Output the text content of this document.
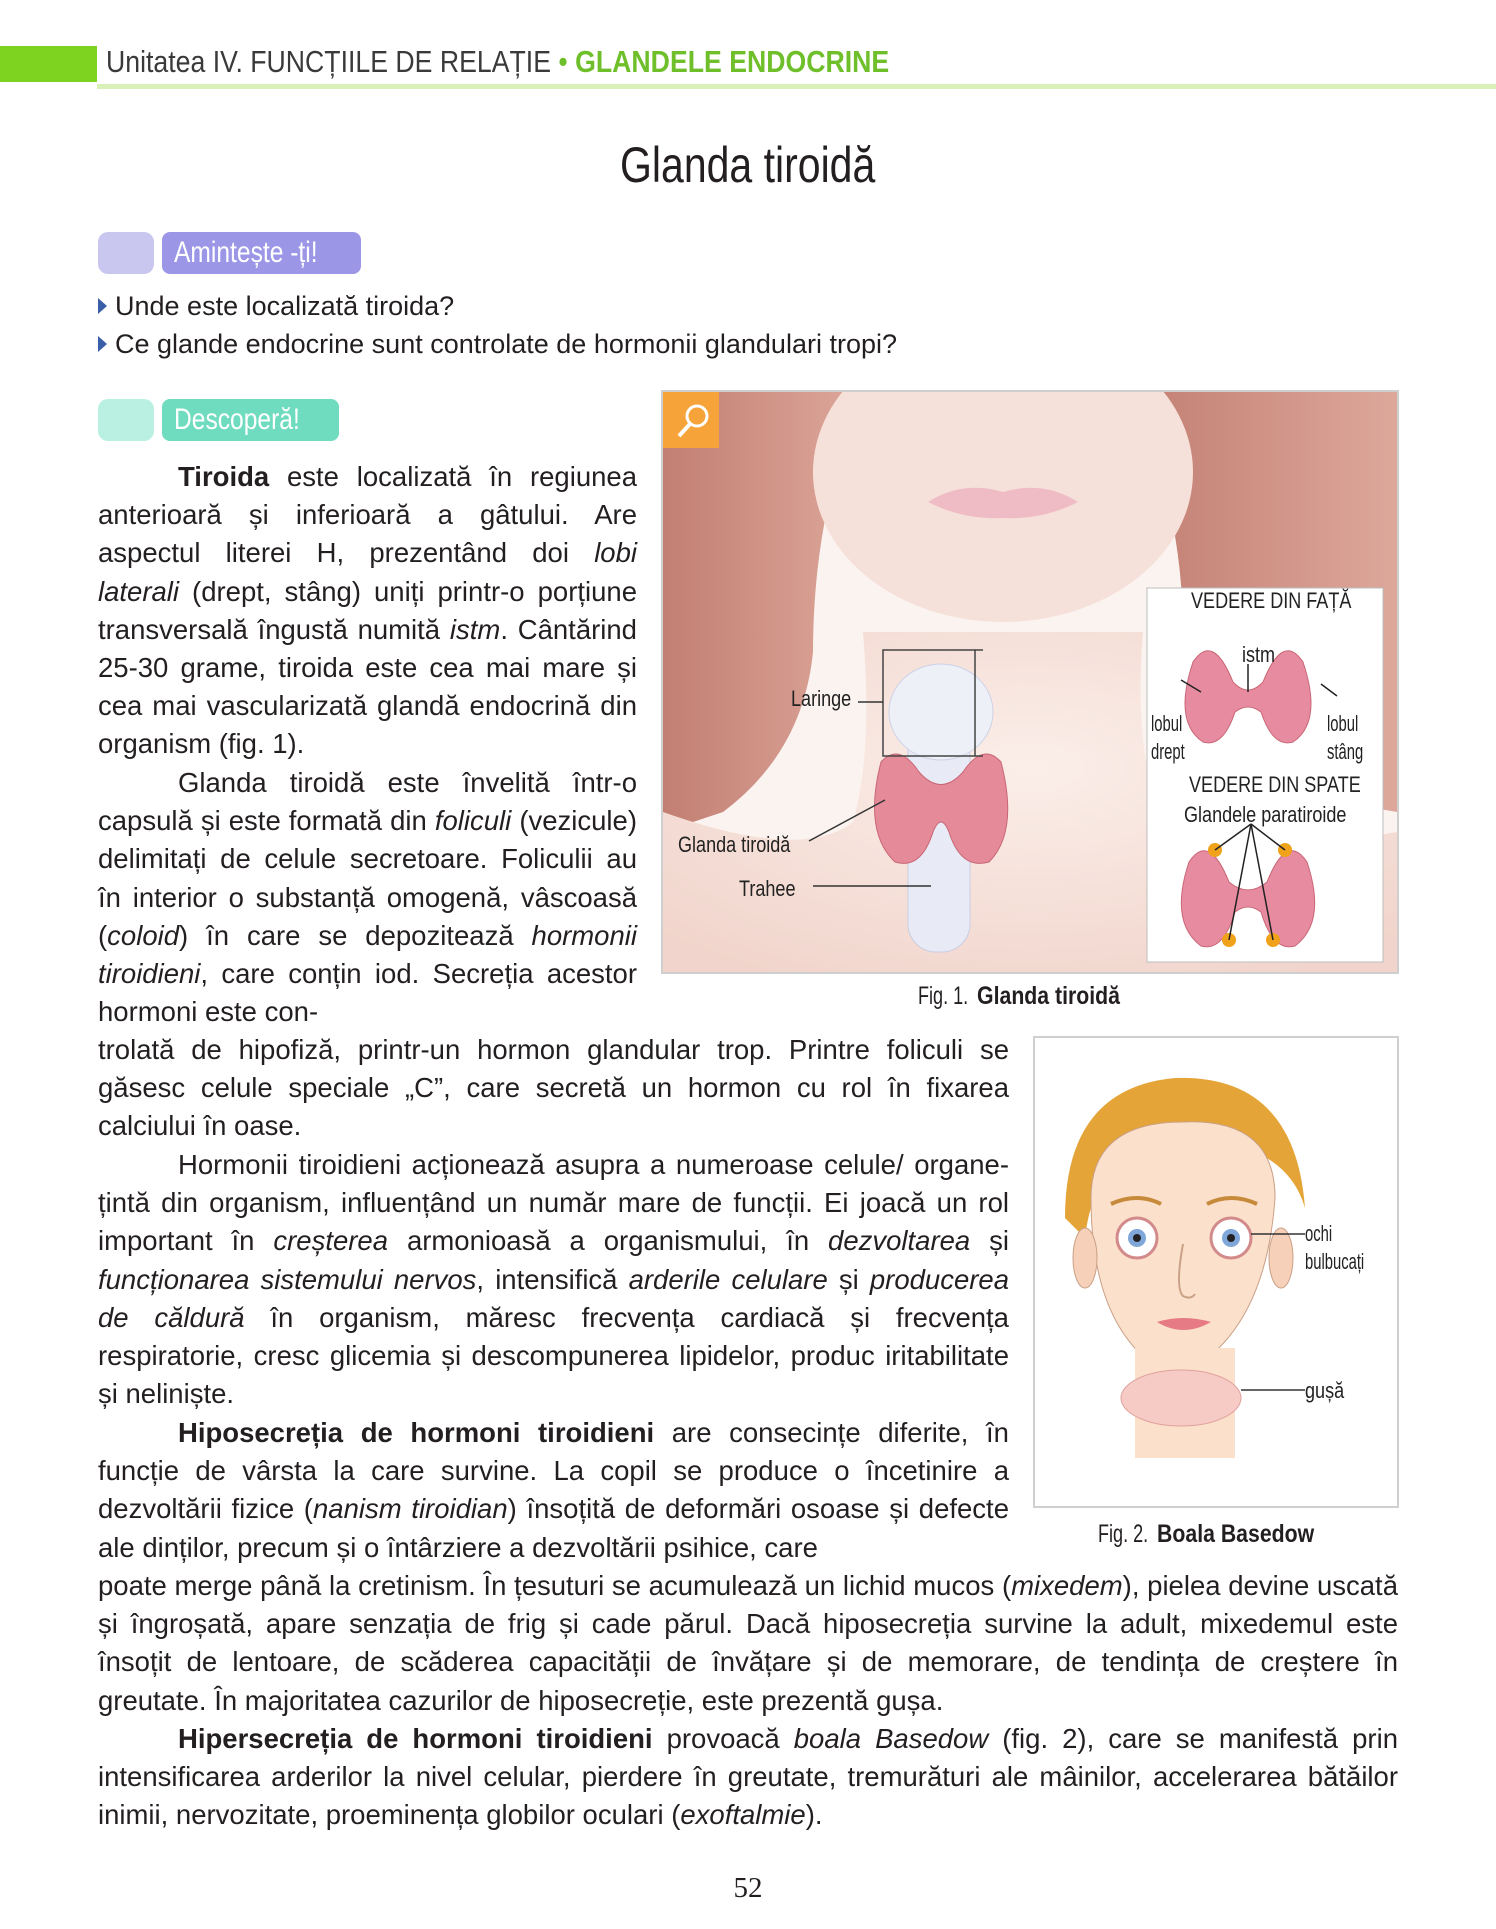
Unitatea IV. FUNCȚIILE DE RELAȚIE • GLANDELE ENDOCRINE
Glanda tiroidă
Amintește -ți!
Unde este localizată tiroida?
Ce glande endocrine sunt controlate de hormonii glandulari tropi?
Descoperă!
Tiroida este localizată în regiunea anterioară și inferioară a gâtului. Are aspectul literei H, prezentând doi lobi laterali (drept, stâng) uniți printr-o porțiune transversală îngustă numită istm. Cântărind 25-30 grame, tiroida este cea mai mare și cea mai vascularizată glandă endocrină din organism (fig. 1).
Glanda tiroidă este învelită într-o capsulă și este formată din foliculi (vezicule) delimitați de celule secretoare. Foliculii au în interior o substanță omogenă, vâscoasă (coloid) în care se depozitează hormonii tiroidieni, care conțin iod. Secreția acestor hormoni este con-
trolată de hipofiză, printr-un hormon glandular trop. Printre foliculi se găsesc celule speciale „C”, care secretă un hormon cu rol în fixarea calciului în oase.
Hormonii tiroidieni acționează asupra a numeroase celule/ organe-țintă din organism, influențând un număr mare de funcții. Ei joacă un rol important în creșterea armonioasă a organismului, în dezvoltarea și funcționarea sistemului nervos, intensifică arderile celulare și producerea de căldură în organism, măresc frecvența cardiacă și frecvența respiratorie, cresc glicemia și descompunerea lipidelor, produc iritabilitate și neliniște.
Hiposecreția de hormoni tiroidieni are consecințe diferite, în funcție de vârsta la care survine. La copil se produce o încetinire a dezvoltării fizice (nanism tiroidian) însoțită de deformări osoase și defecte ale dinților, precum și o întârziere a dezvoltării psihice, care
poate merge până la cretinism. În țesuturi se acumulează un lichid mucos (mixedem), pielea devine uscată și îngroșată, apare senzația de frig și cade părul. Dacă hiposecreția survine la adult, mixedemul este însoțit de lentoare, de scăderea capacității de învățare și de memorare, de tendința de creștere în greutate. În majoritatea cazurilor de hiposecreție, este prezentă gușa.
Hipersecreția de hormoni tiroidieni provoacă boala Basedow (fig. 2), care se manifestă prin intensificarea arderilor la nivel celular, pierdere în greutate, tremurături ale mâinilor, accelerarea bătăilor inimii, nervozitate, proeminența globilor oculari (exoftalmie).
VEDERE DIN FAȚĂ
istm
lobul
drept
lobul
stâng
VEDERE DIN SPATE
Glandele paratiroide
Laringe
Glanda tiroidă
Trahee
Fig. 1.Glanda tiroidă
ochi
bulbucați
gușă
Fig. 2.Boala Basedow
52
